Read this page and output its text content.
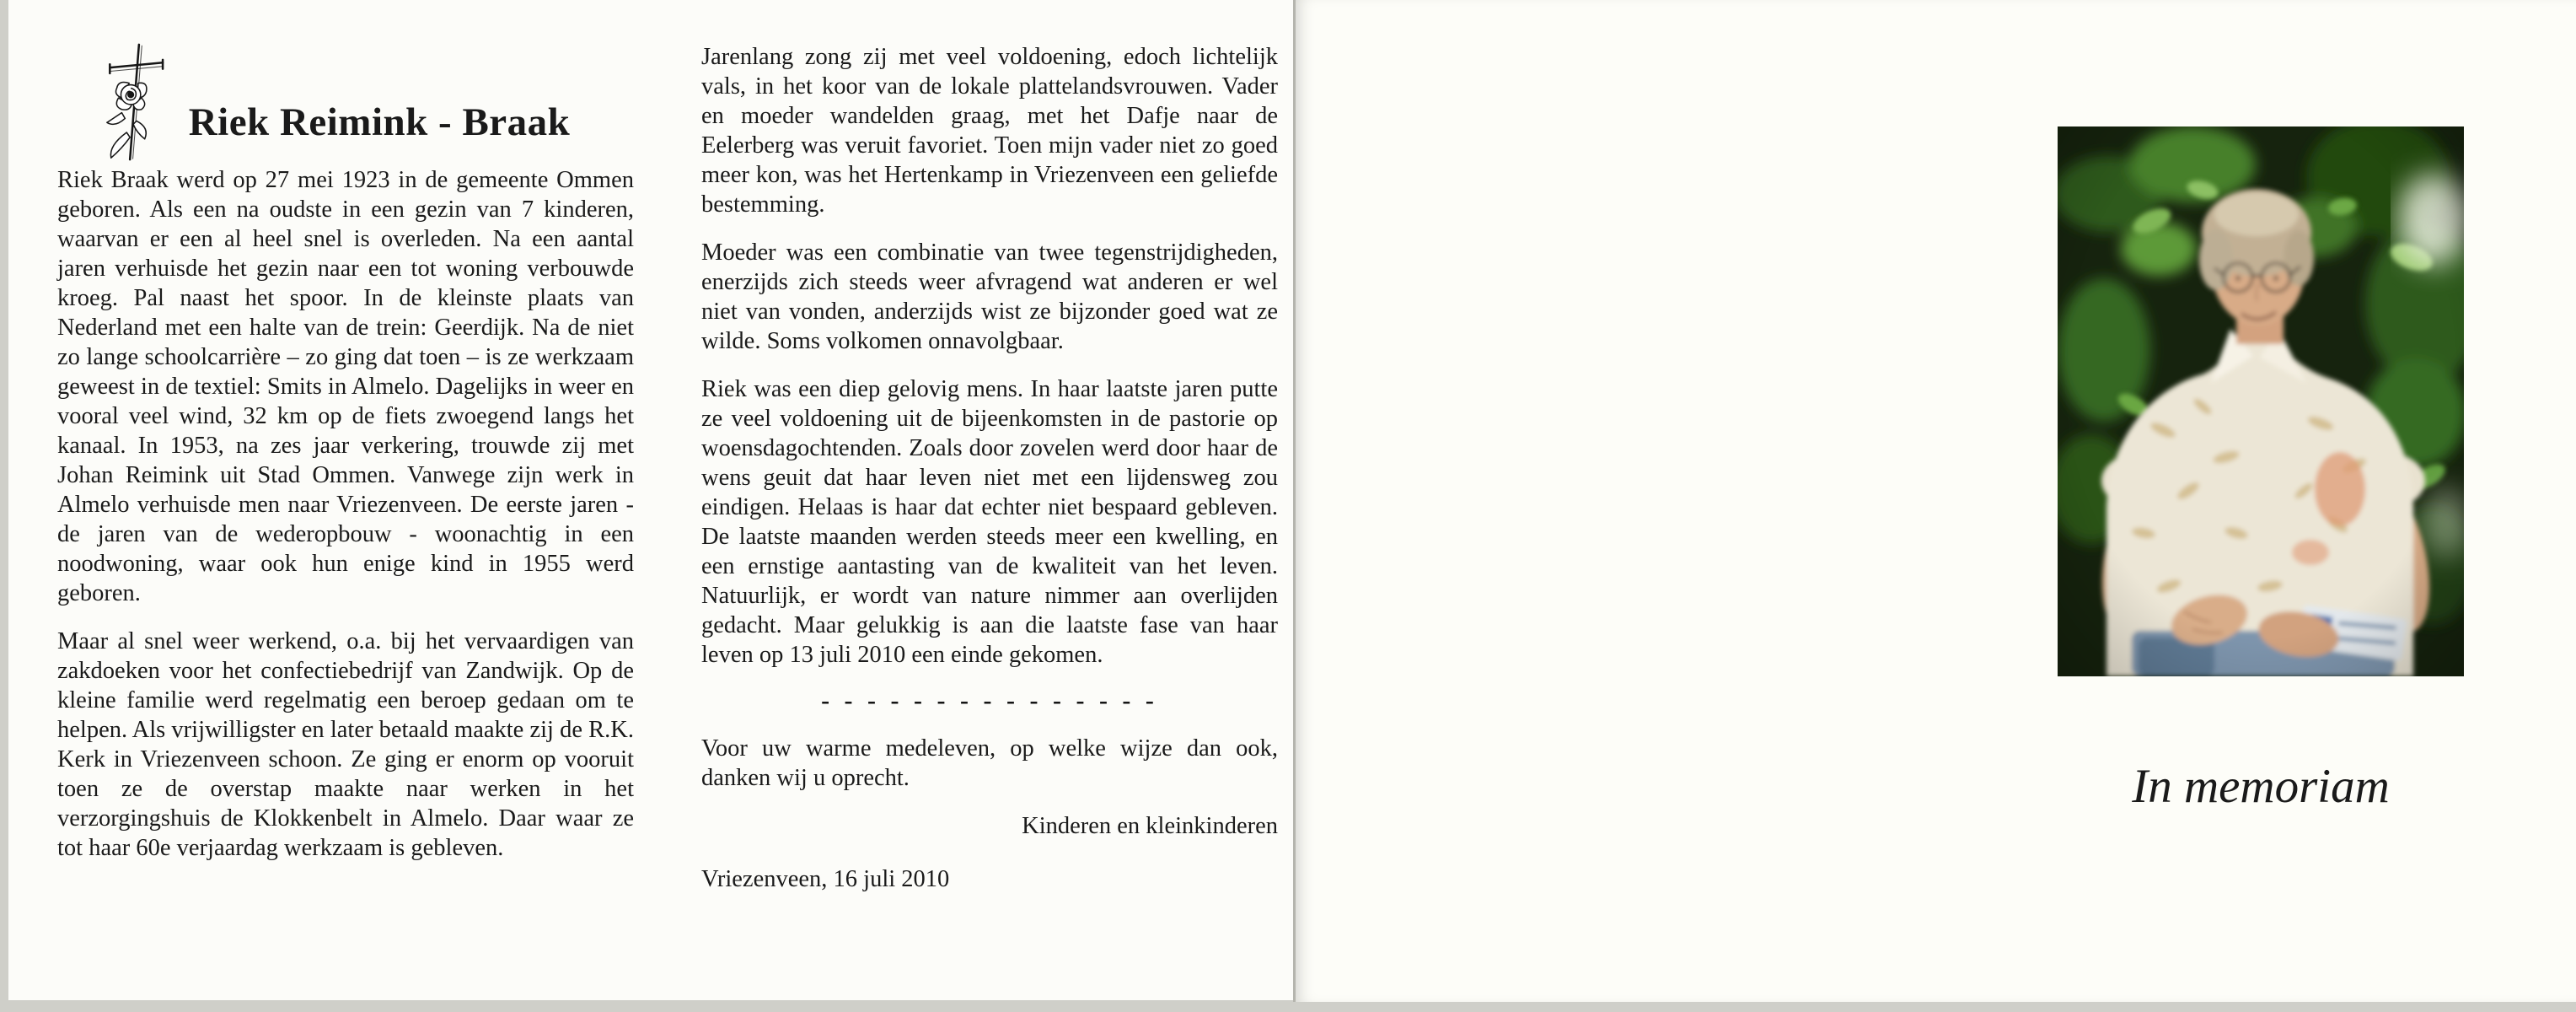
Riek Reimink - Braak

Riek Braak werd op 27 mei 1923 in de gemeente Ommen geboren. Als een na oudste in een gezin van 7 kinderen, waarvan er een al heel snel is overleden. Na een aantal jaren verhuisde het gezin naar een tot woning verbouwde kroeg. Pal naast het spoor. In de kleinste plaats van Nederland met een halte van de trein: Geerdijk. Na de niet zo lange schoolcarrière – zo ging dat toen – is ze werkzaam geweest in de textiel: Smits in Almelo. Dagelijks in weer en vooral veel wind, 32 km op de fiets zwoegend langs het kanaal. In 1953, na zes jaar verkering, trouwde zij met Johan Reimink uit Stad Ommen. Vanwege zijn werk in Almelo verhuisde men naar Vriezenveen. De eerste jaren - de jaren van de wederopbouw - woonachtig in een noodwoning, waar ook hun enige kind in 1955 werd geboren.

Maar al snel weer werkend, o.a. bij het vervaardigen van zakdoeken voor het confectiebedrijf van Zandwijk. Op de kleine familie werd regelmatig een beroep gedaan om te helpen. Als vrijwilligster en later betaald maakte zij de R.K. Kerk in Vriezenveen schoon. Ze ging er enorm op vooruit toen ze de overstap maakte naar werken in het verzorgingshuis de Klokkenbelt in Almelo. Daar waar ze tot haar 60e verjaardag werkzaam is gebleven.

Jarenlang zong zij met veel voldoening, edoch lichtelijk vals, in het koor van de lokale plattelandsvrouwen. Vader en moeder wandelden graag, met het Dafje naar de Eelerberg was veruit favoriet. Toen mijn vader niet zo goed meer kon, was het Hertenkamp in Vriezenveen een geliefde bestemming.

Moeder was een combinatie van twee tegenstrijdigheden, enerzijds zich steeds weer afvragend wat anderen er wel niet van vonden, anderzijds wist ze bijzonder goed wat ze wilde. Soms volkomen onnavolgbaar.

Riek was een diep gelovig mens. In haar laatste jaren putte ze veel voldoening uit de bijeenkomsten in de pastorie op woensdagochtenden. Zoals door zovelen werd door haar de wens geuit dat haar leven niet met een lijdensweg zou eindigen. Helaas is haar dat echter niet bespaard gebleven. De laatste maanden werden steeds meer een kwelling, en een ernstige aantasting van de kwaliteit van het leven. Natuurlijk, er wordt van nature nimmer aan overlijden gedacht. Maar gelukkig is aan die laatste fase van haar leven op 13 juli 2010 een einde gekomen.

- - - - - - - - - - - - - - -

Voor uw warme medeleven, op welke wijze dan ook, danken wij u oprecht.

Kinderen en kleinkinderen
Vriezenveen, 16 juli 2010
In memoriam
